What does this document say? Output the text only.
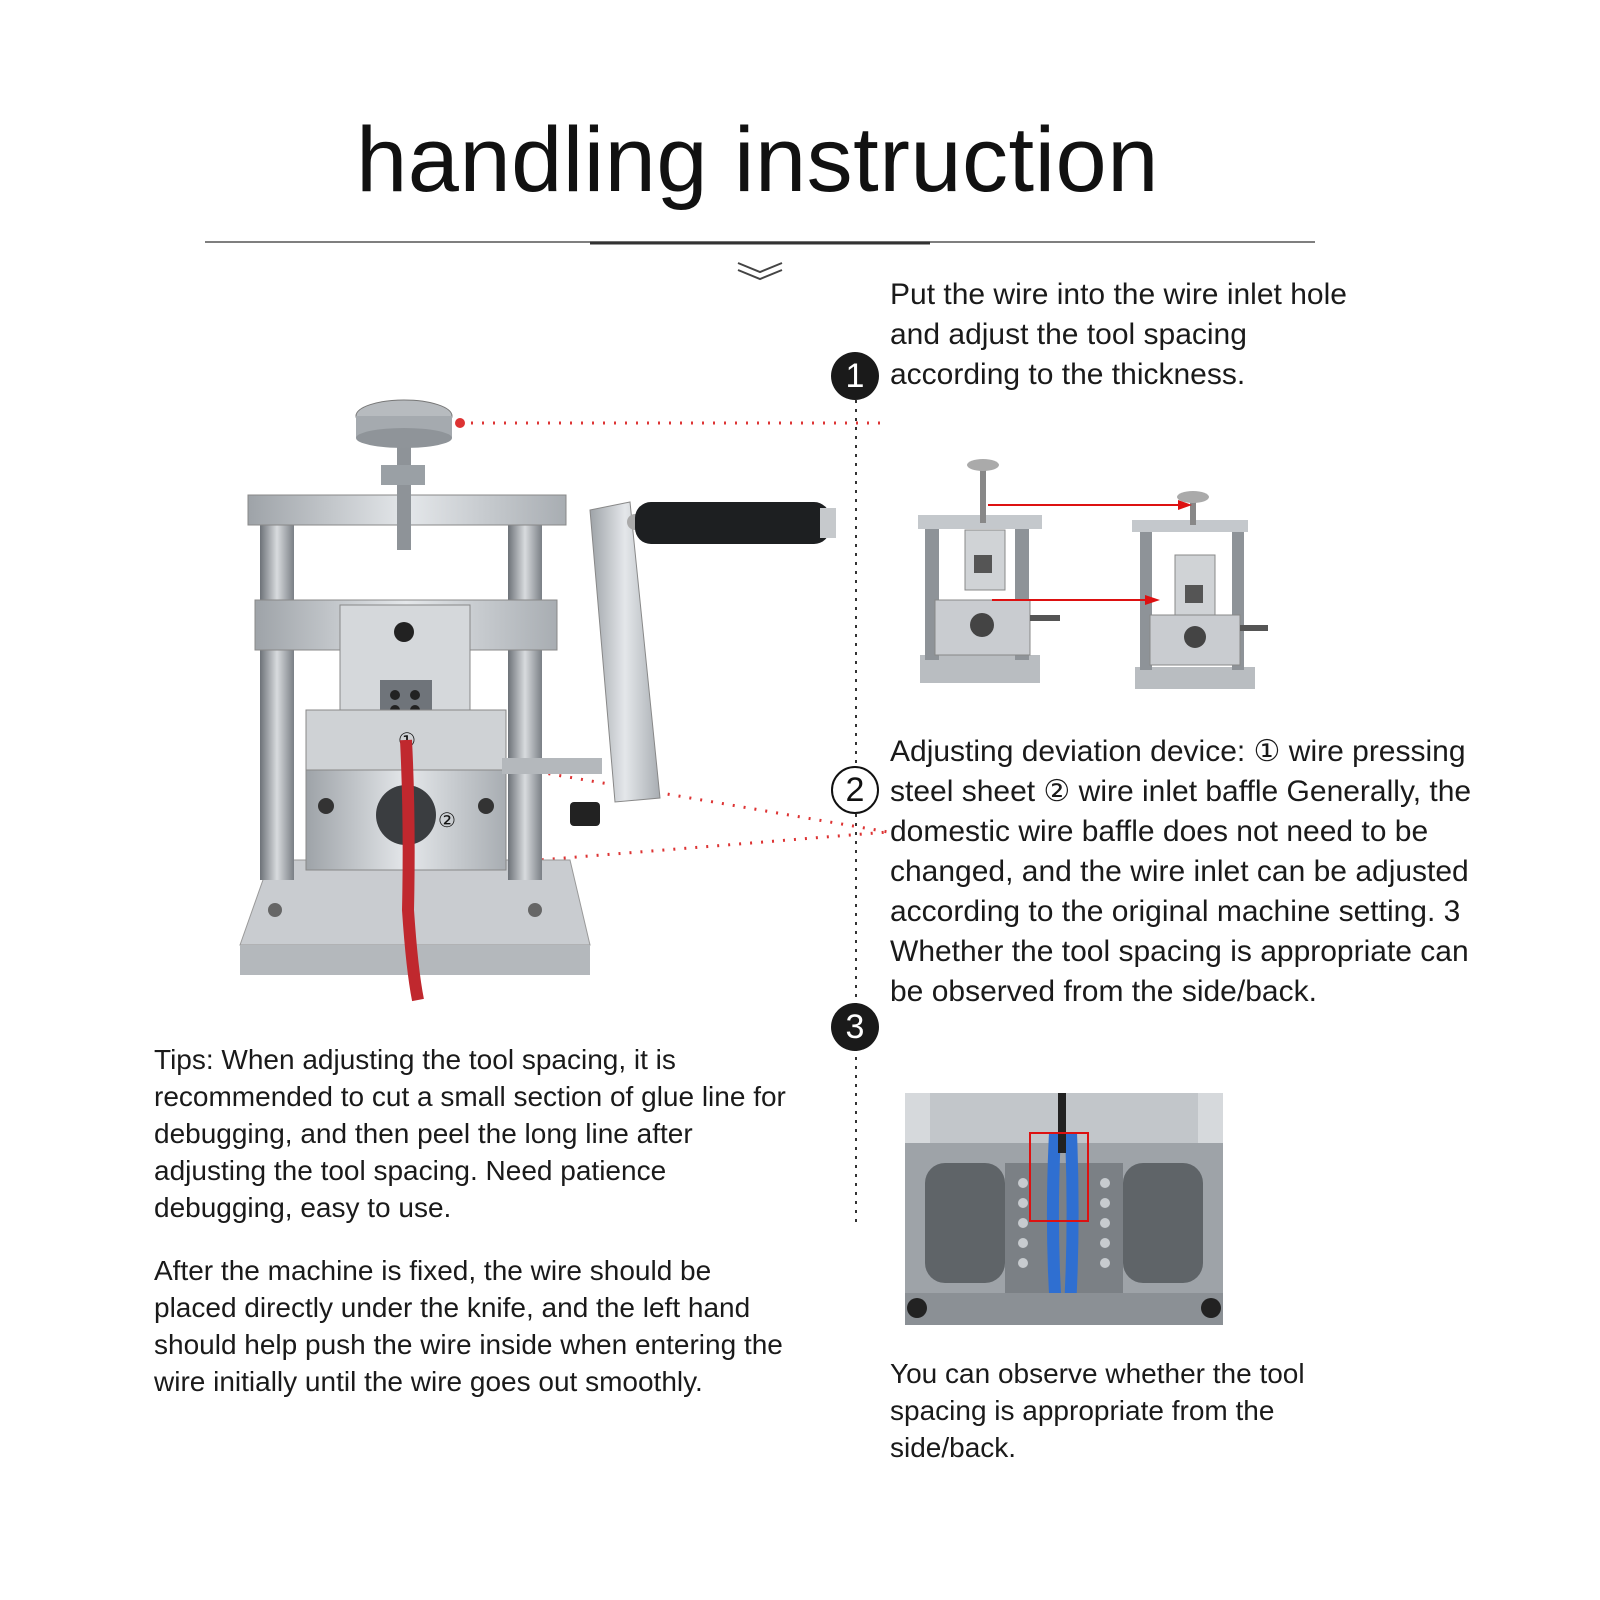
handling instruction
1
2
3
Put the wire into the wire inlet hole and adjust the tool spacing according to the thickness.
Adjusting deviation device: ① wire pressing steel sheet ② wire inlet baffle Generally, the domestic wire baffle does not need to be changed, and the wire inlet can be adjusted according to the original machine setting. 3 Whether the tool spacing is appropriate can be observed from the side/back.
Tips: When adjusting the tool spacing, it is recommended to cut a small section of glue line for debugging, and then peel the long line after adjusting the tool spacing. Need patience debugging, easy to use.
After the machine is fixed, the wire should be placed directly under the knife, and the left hand should help push the wire inside when entering the wire initially until the wire goes out smoothly.	You can observe whether the tool spacing is appropriate from the side/back.
①
②
